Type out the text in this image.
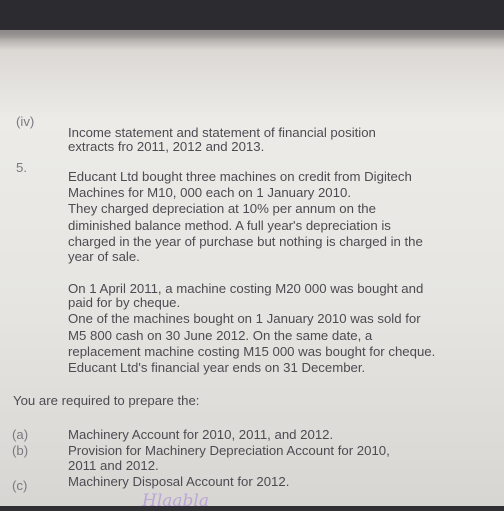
(iv)
Income statement and statement of financial position
extracts fro 2011, 2012 and 2013.
5.
Educant Ltd bought three machines on credit from Digitech
Machines for M10, 000 each on 1 January 2010.
They charged depreciation at 10% per annum on the
diminished balance method. A full year's depreciation is
charged in the year of purchase but nothing is charged in the
year of sale.
On 1 April 2011, a machine costing M20 000 was bought and
paid for by cheque.
One of the machines bought on 1 January 2010 was sold for
M5 800 cash on 30 June 2012. On the same date, a
replacement machine costing M15 000 was bought for cheque.
Educant Ltd's financial year ends on 31 December.
You are required to prepare the:
(a)	Machinery Account for 2010, 2011, and 2012.
(b)	Provision for Machinery Depreciation Account for 2010,
2011 and 2012.
(c)	Machinery Disposal Account for 2012.
Hlaabla
